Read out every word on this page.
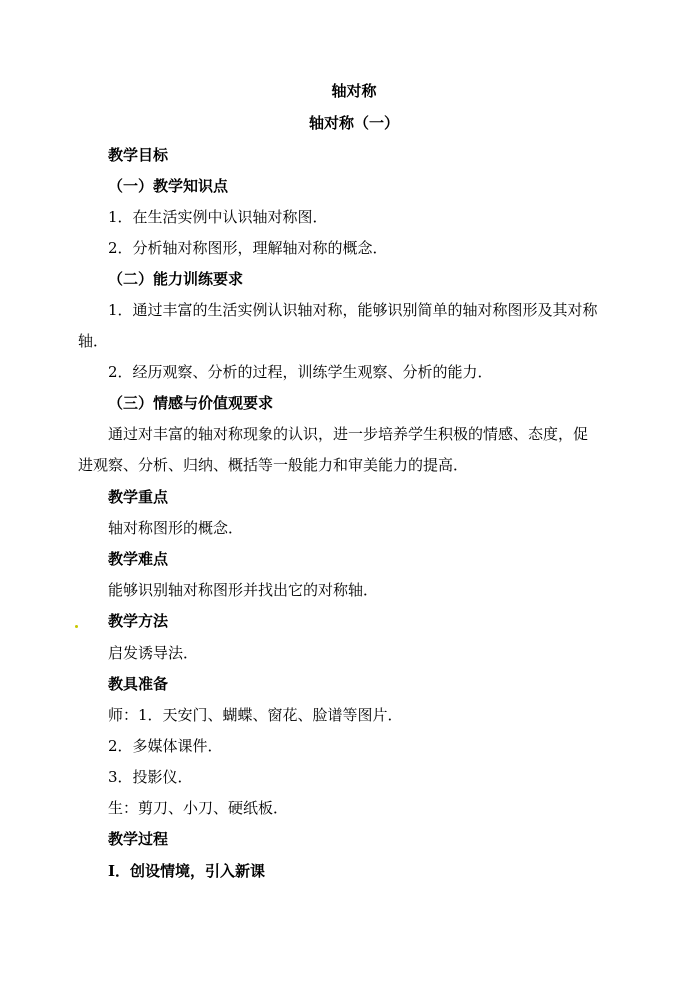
轴对称
轴对称（一）
教学目标
（一）教学知识点
1．在生活实例中认识轴对称图．
2．分析轴对称图形，理解轴对称的概念．
（二）能力训练要求
1．通过丰富的生活实例认识轴对称，能够识别简单的轴对称图形及其对称
轴．
2．经历观察、分析的过程，训练学生观察、分析的能力．
（三）情感与价值观要求
通过对丰富的轴对称现象的认识，进一步培养学生积极的情感、态度，促
进观察、分析、归纳、概括等一般能力和审美能力的提高．
教学重点
轴对称图形的概念．
教学难点
能够识别轴对称图形并找出它的对称轴．
教学方法
启发诱导法．
教具准备
师：1．天安门、蝴蝶、窗花、脸谱等图片．
2．多媒体课件．
3．投影仪．
生：剪刀、小刀、硬纸板．
教学过程
Ⅰ．创设情境，引入新课
